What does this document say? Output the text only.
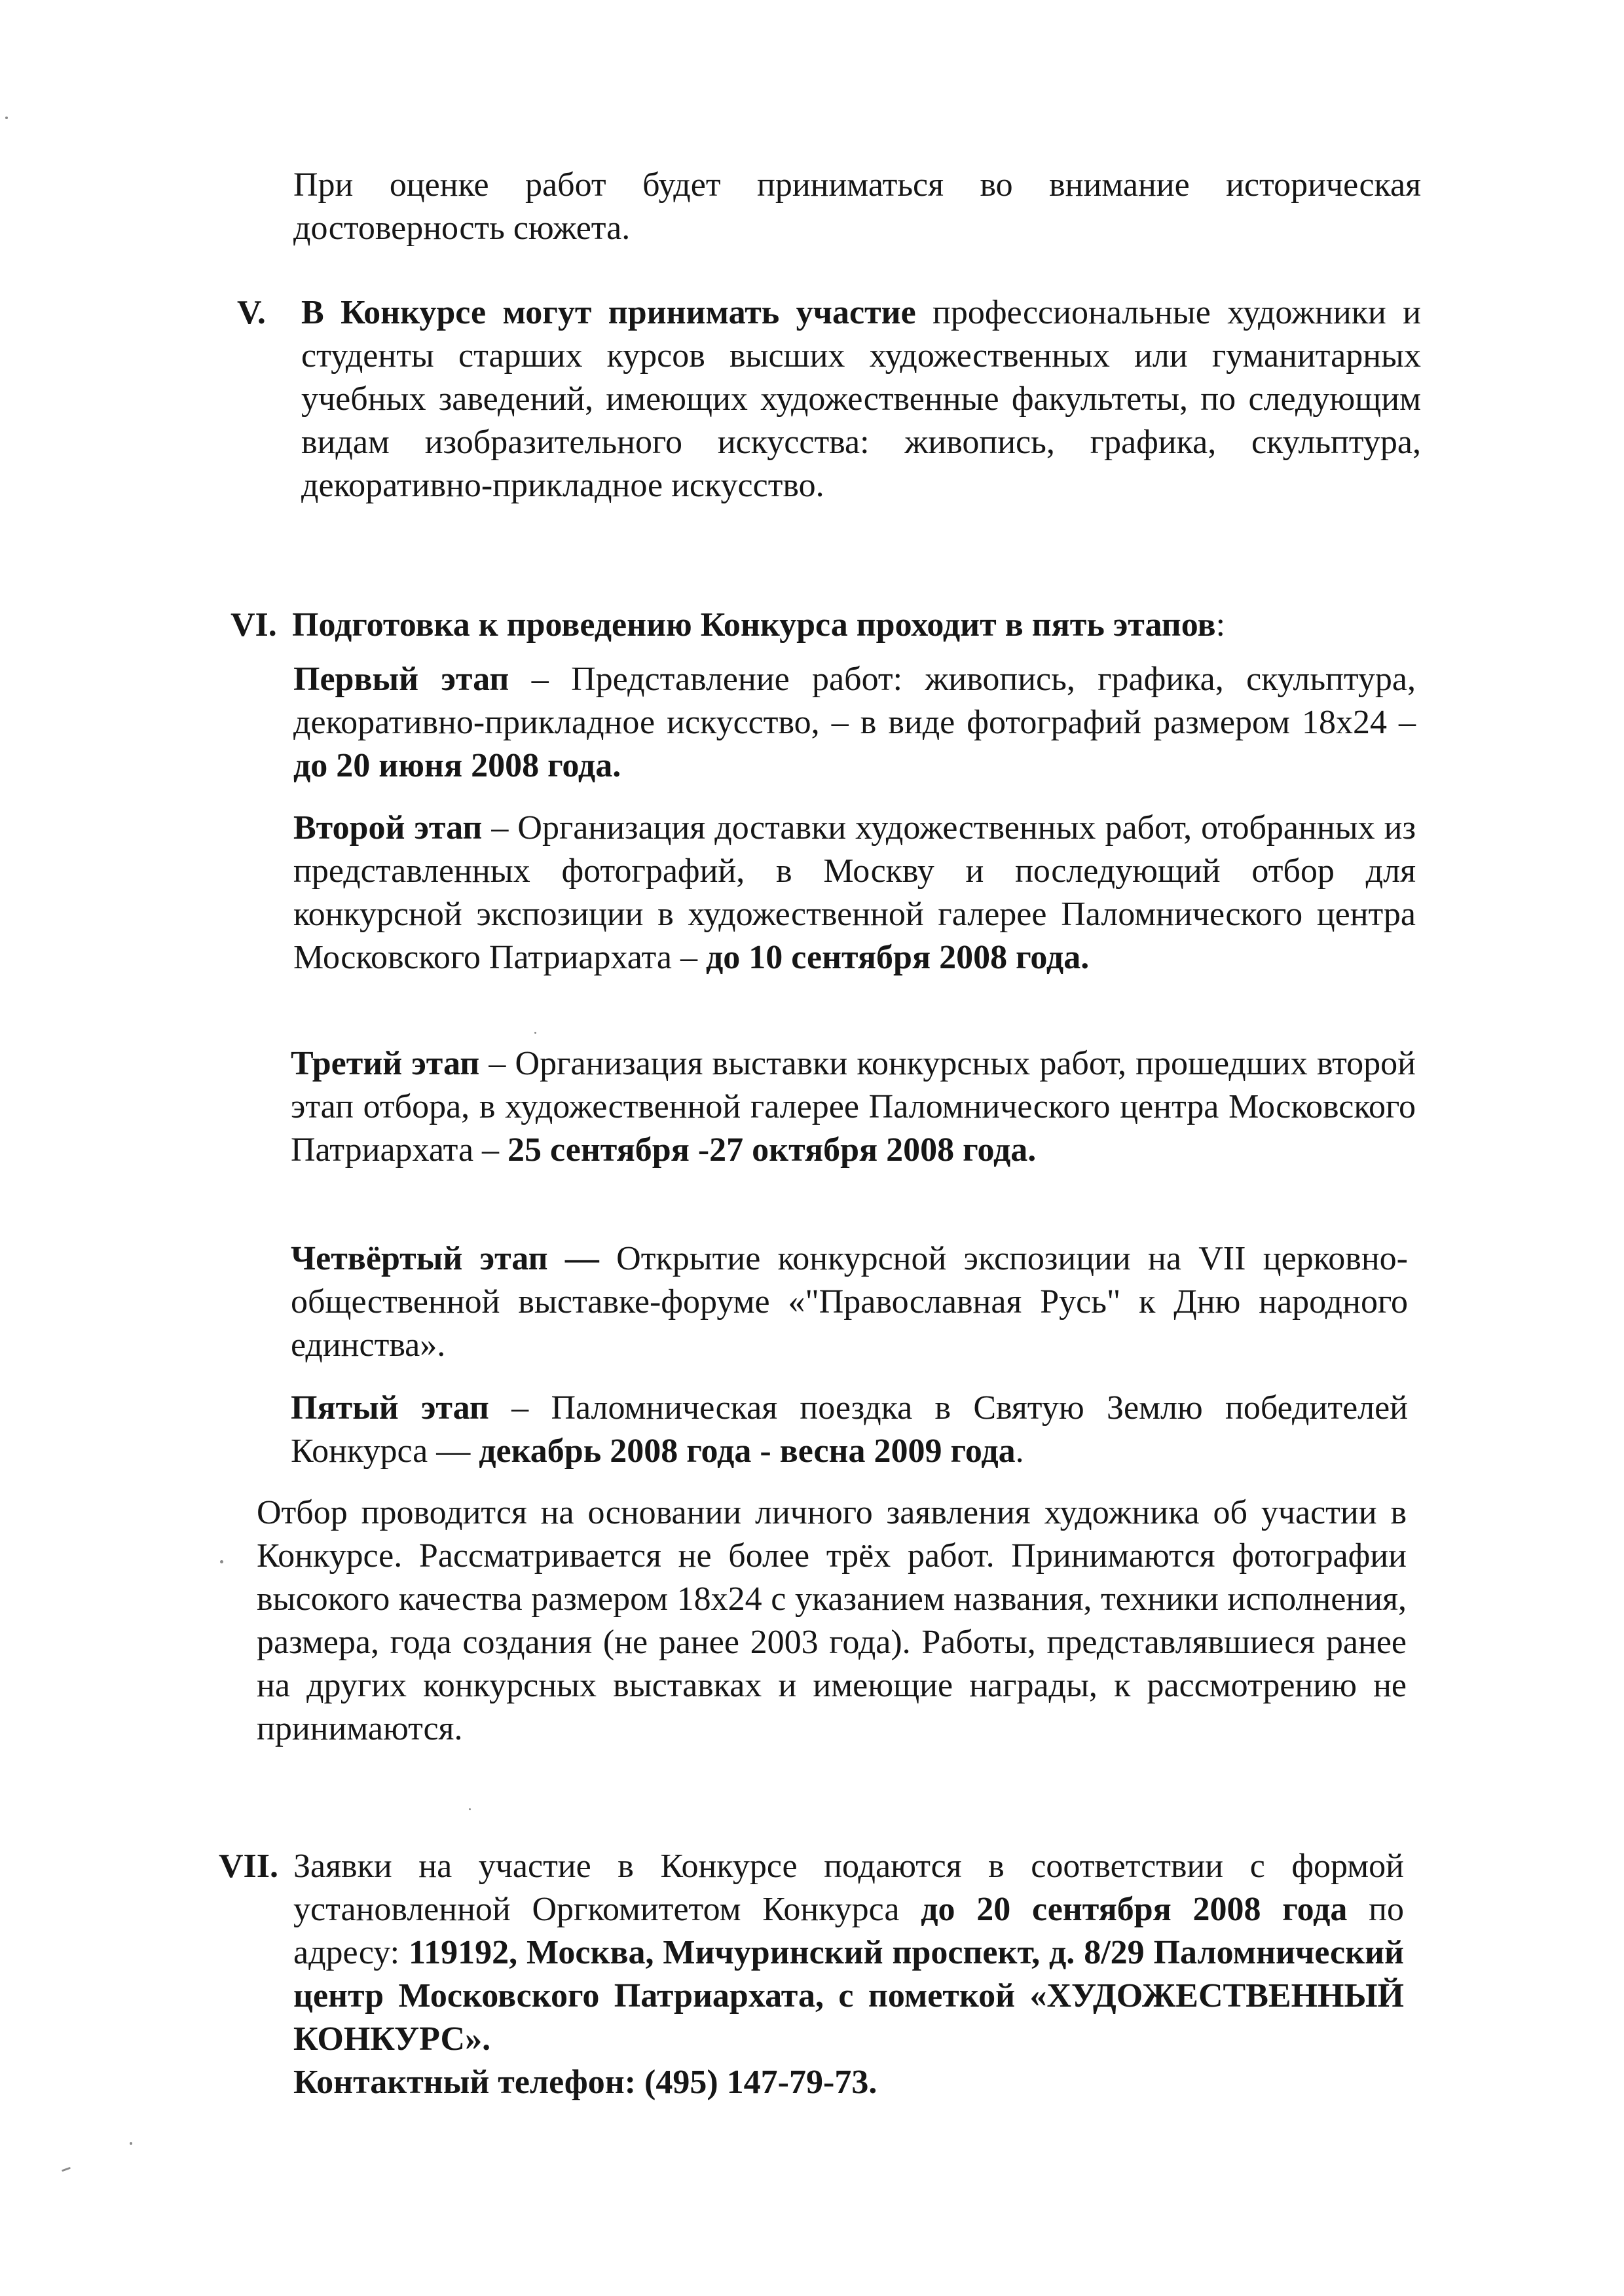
При оценке работ будет приниматься во внимание историческая достоверность сюжета.
V. В Конкурсе могут принимать участие профессиональные художники и студенты старших курсов высших художественных или гуманитарных учебных заведений, имеющих художественные факультеты, по следующим видам изобразительного искусства: живопись, графика, скульптура, декоративно-прикладное искусство.
VI. Подготовка к проведению Конкурса проходит в пять этапов:
Первый этап – Представление работ: живопись, графика, скульптура, декоративно-прикладное искусство, – в виде фотографий размером 18x24 – до 20 июня 2008 года.
Второй этап – Организация доставки художественных работ, отобранных из представленных фотографий, в Москву и последующий отбор для конкурсной экспозиции в художественной галерее Паломнического центра Московского Патриархата – до 10 сентября 2008 года.
Третий этап – Организация выставки конкурсных работ, прошедших второй этап отбора, в художественной галерее Паломнического центра Московского Патриархата – 25 сентября -27 октября 2008 года.
Четвёртый этап — Открытие конкурсной экспозиции на VII церковно-общественной выставке-форуме «"Православная Русь" к Дню народного единства».
Пятый этап – Паломническая поездка в Святую Землю победителей Конкурса — декабрь 2008 года - весна 2009 года.
Отбор проводится на основании личного заявления художника об участии в Конкурсе. Рассматривается не более трёх работ. Принимаются фотографии высокого качества размером 18x24 с указанием названия, техники исполнения, размера, года создания (не ранее 2003 года). Работы, представлявшиеся ранее на других конкурсных выставках и имеющие награды, к рассмотрению не принимаются.
VII. Заявки на участие в Конкурсе подаются в соответствии с формой установленной Оргкомитетом Конкурса до 20 сентября 2008 года по адресу: 119192, Москва, Мичуринский проспект, д. 8/29 Паломнический центр Московского Патриархата, с пометкой «ХУДОЖЕСТВЕННЫЙ КОНКУРС».
Контактный телефон: (495) 147-79-73.
